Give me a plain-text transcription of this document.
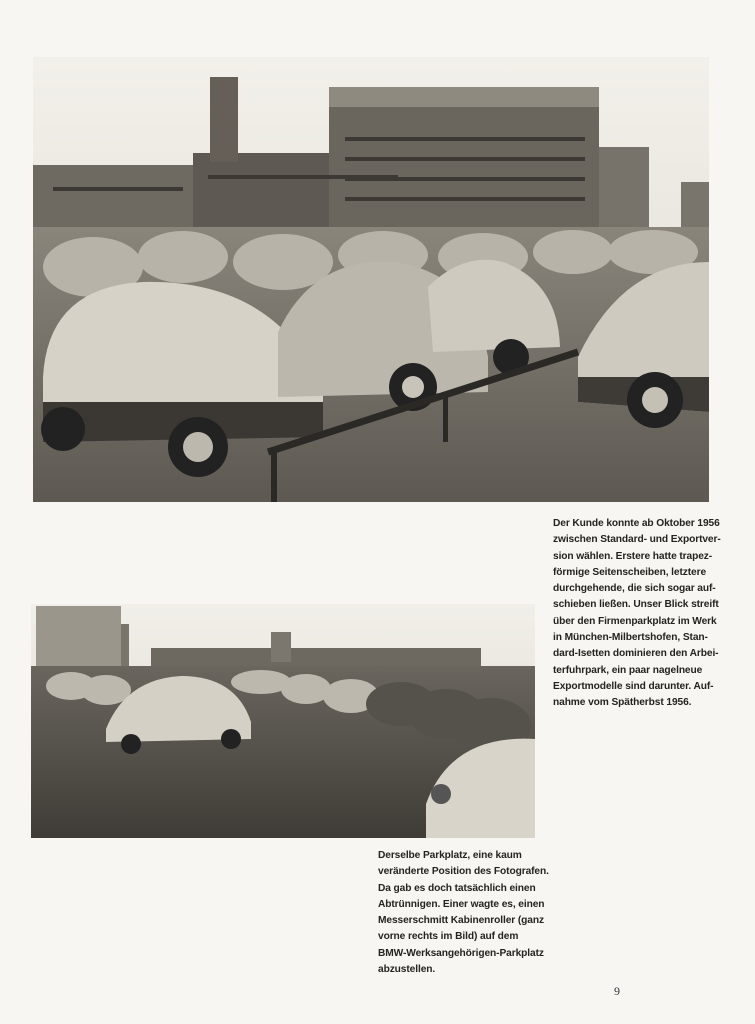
Der Kunde konnte ab Oktober 1956
zwischen Standard- und Exportver-
sion wählen. Erstere hatte trapez-
förmige Seitenscheiben, letztere
durchgehende, die sich sogar auf-
schieben ließen. Unser Blick streift
über den Firmenparkplatz im Werk
in München-Milbertshofen, Stan-
dard-Isetten dominieren den Arbei-
terfuhrpark, ein paar nagelneue
Exportmodelle sind darunter. Auf-
nahme vom Spätherbst 1956.

Derselbe Parkplatz, eine kaum
veränderte Position des Fotografen.
Da gab es doch tatsächlich einen
Abtrünnigen. Einer wagte es, einen
Messerschmitt Kabinenroller (ganz
vorne rechts im Bild) auf dem
BMW-Werksangehörigen-Parkplatz
abzustellen.

9
